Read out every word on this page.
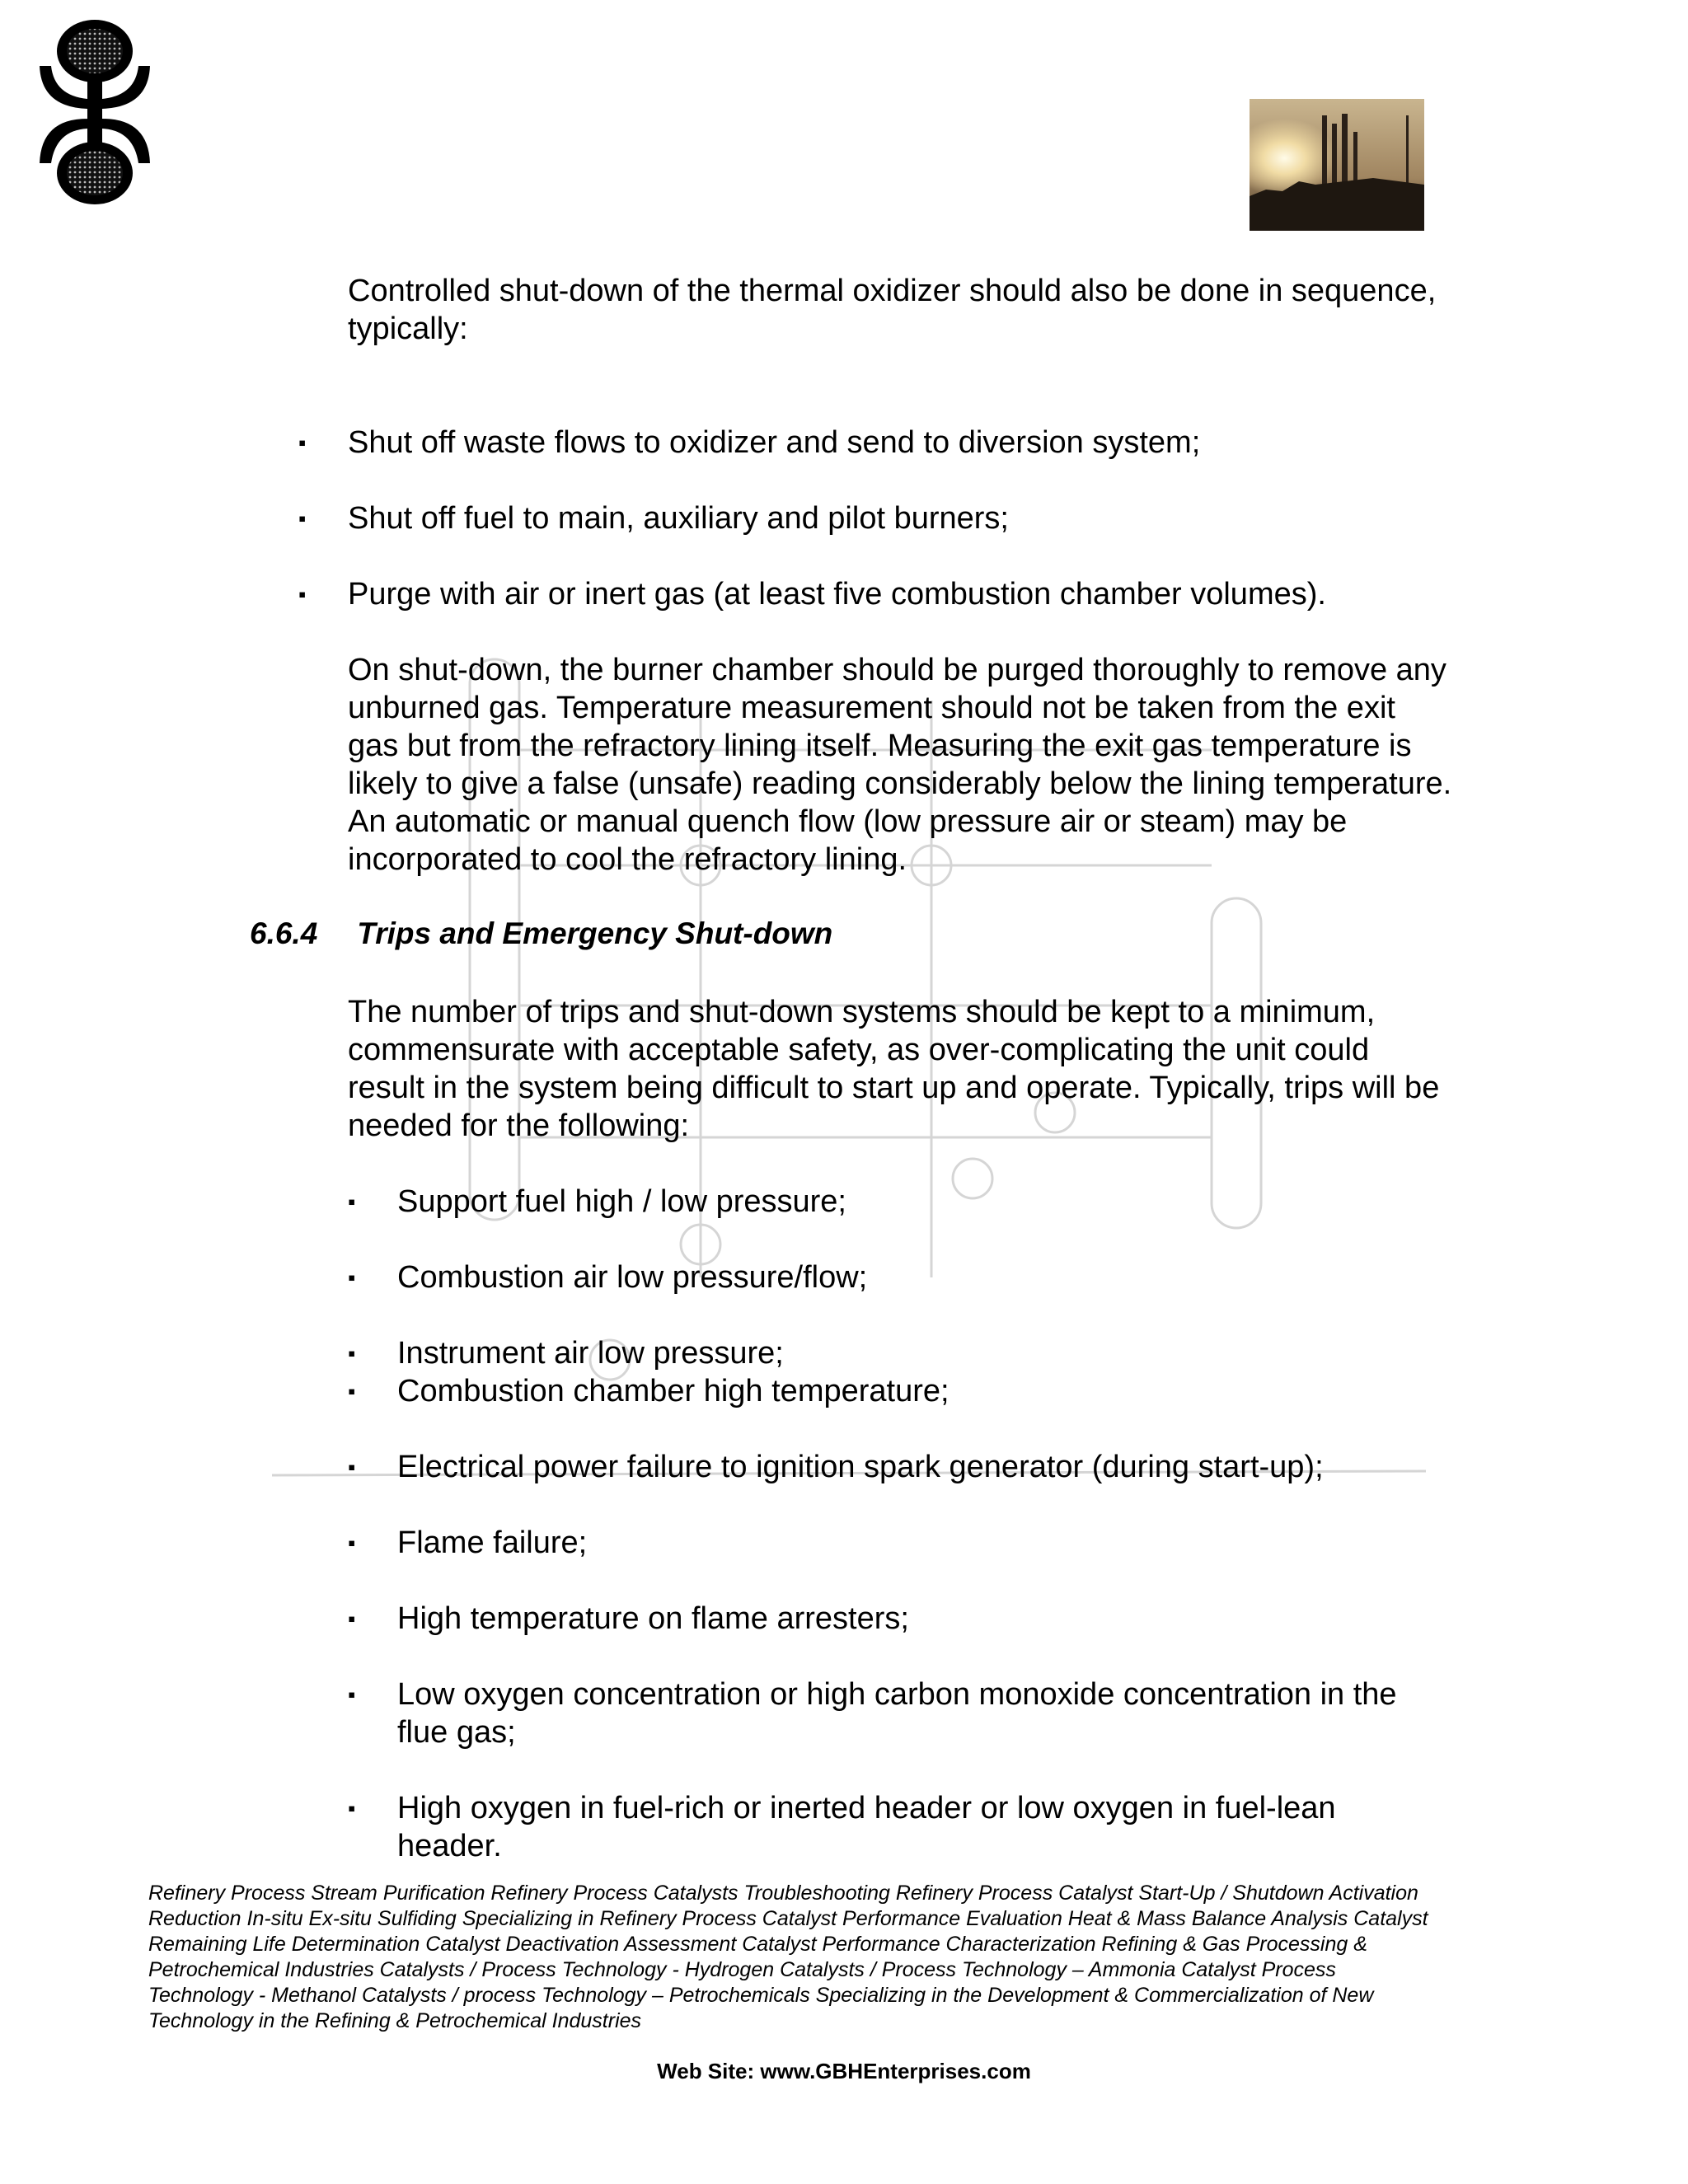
Controlled shut-down of the thermal oxidizer should also be done in sequence, typically:

▪ Shut off waste flows to oxidizer and send to diversion system;
▪ Shut off fuel to main, auxiliary and pilot burners;
▪ Purge with air or inert gas (at least five combustion chamber volumes).

On shut-down, the burner chamber should be purged thoroughly to remove any unburned gas. Temperature measurement should not be taken from the exit gas but from the refractory lining itself. Measuring the exit gas temperature is likely to give a false (unsafe) reading considerably below the lining temperature. An automatic or manual quench flow (low pressure air or steam) may be incorporated to cool the refractory lining.

6.6.4 Trips and Emergency Shut-down

The number of trips and shut-down systems should be kept to a minimum, commensurate with acceptable safety, as over-complicating the unit could result in the system being difficult to start up and operate. Typically, trips will be needed for the following:

▪ Support fuel high / low pressure;
▪ Combustion air low pressure/flow;
▪ Instrument air low pressure;
▪ Combustion chamber high temperature;
▪ Electrical power failure to ignition spark generator (during start-up);
▪ Flame failure;
▪ High temperature on flame arresters;
▪ Low oxygen concentration or high carbon monoxide concentration in the flue gas;
▪ High oxygen in fuel-rich or inerted header or low oxygen in fuel-lean header.

Refinery Process Stream Purification Refinery Process Catalysts Troubleshooting Refinery Process Catalyst Start-Up / Shutdown Activation Reduction In-situ Ex-situ Sulfiding Specializing in Refinery Process Catalyst Performance Evaluation Heat & Mass Balance Analysis Catalyst Remaining Life Determination Catalyst Deactivation Assessment Catalyst Performance Characterization Refining & Gas Processing & Petrochemical Industries Catalysts / Process Technology - Hydrogen Catalysts / Process Technology – Ammonia Catalyst Process Technology - Methanol Catalysts / process Technology – Petrochemicals Specializing in the Development & Commercialization of New Technology in the Refining & Petrochemical Industries

Web Site: www.GBHEnterprises.com
